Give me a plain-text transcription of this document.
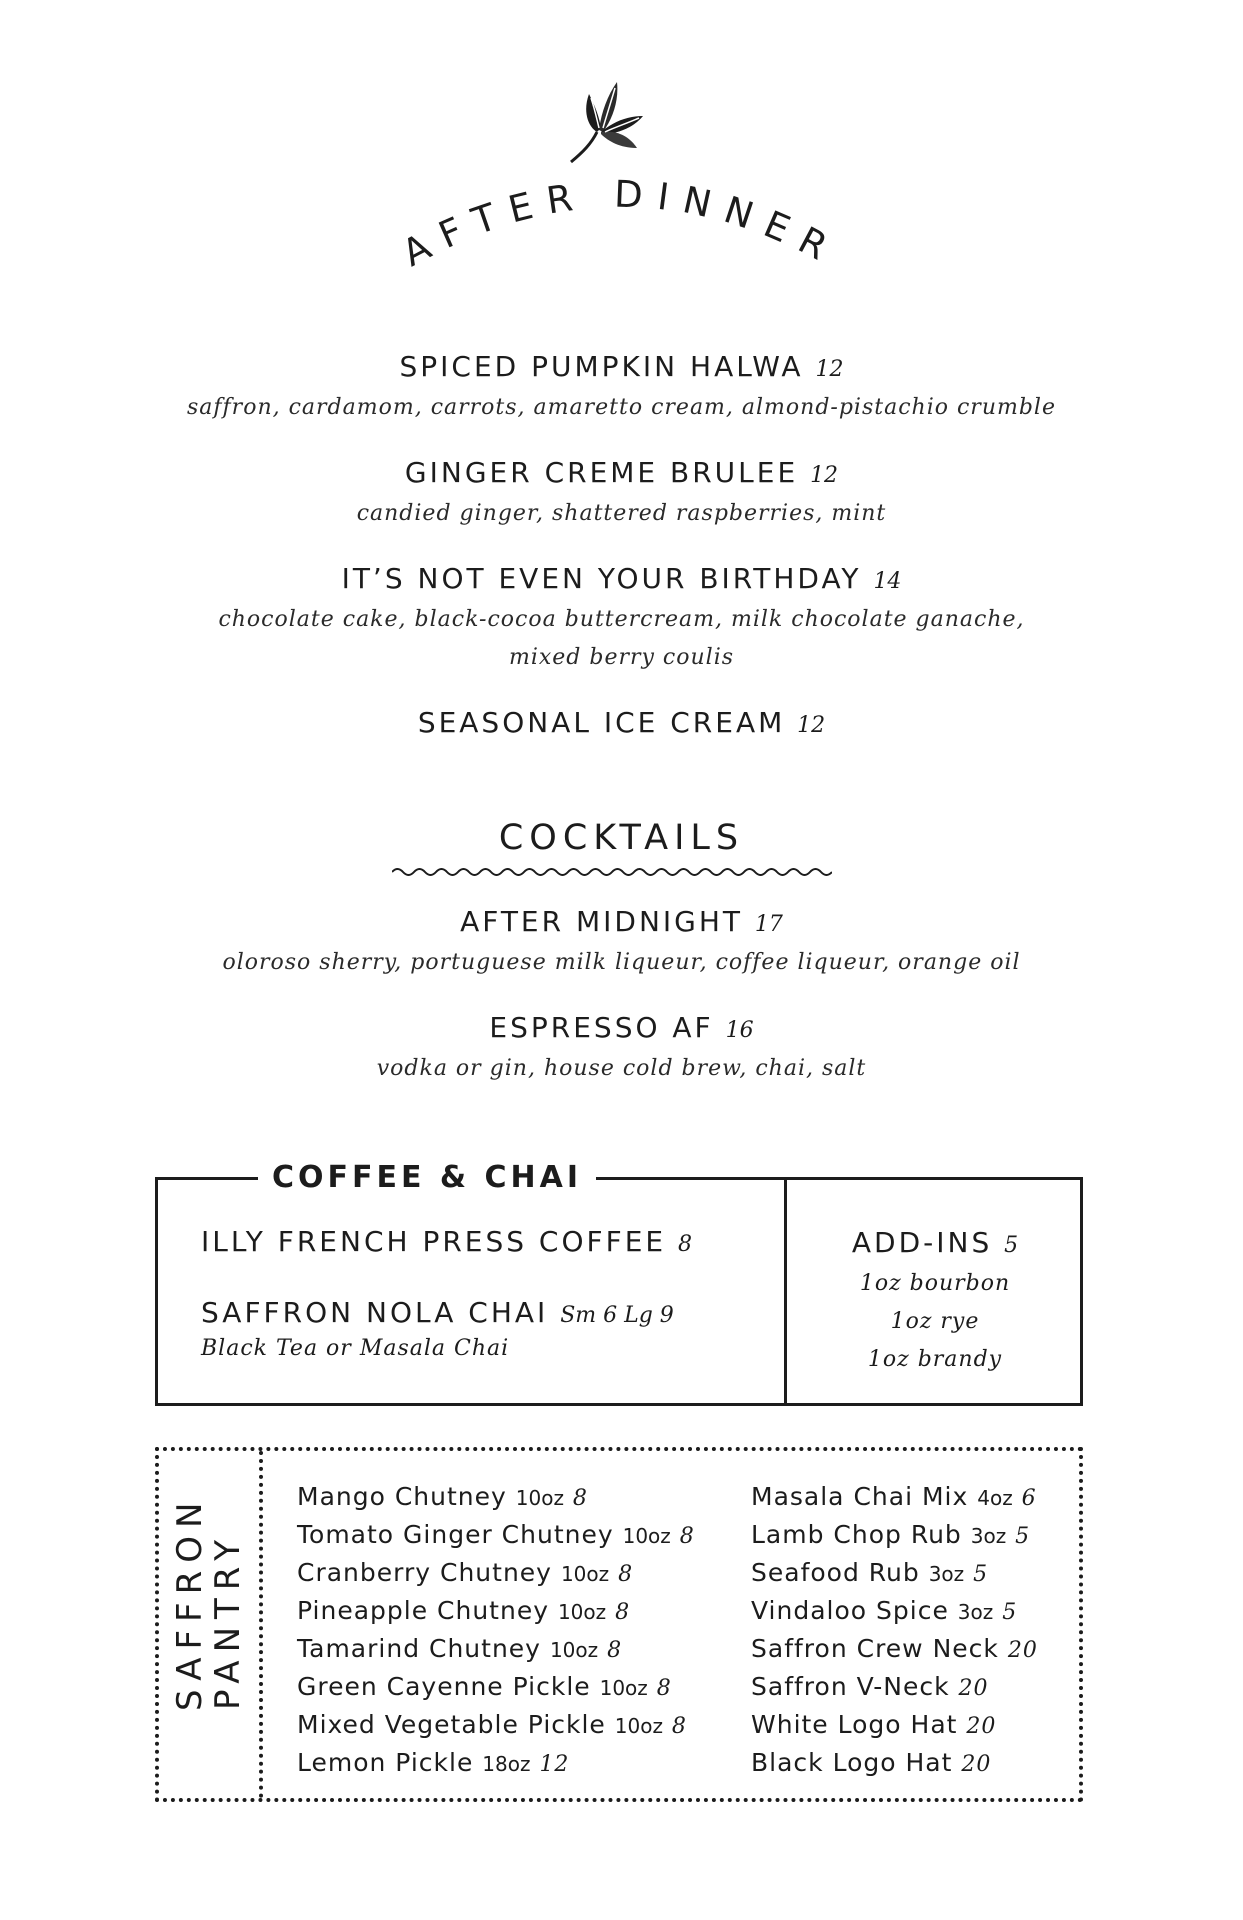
AFTER DINNER
SPICED PUMPKIN HALWA 12
saffron, cardamom, carrots, amaretto cream, almond-pistachio crumble
GINGER CREME BRULEE 12
candied ginger, shattered raspberries, mint
IT’S NOT EVEN YOUR BIRTHDAY 14
chocolate cake, black-cocoa buttercream, milk chocolate ganache,
mixed berry coulis
SEASONAL ICE CREAM 12
COCKTAILS
AFTER MIDNIGHT 17
oloroso sherry, portuguese milk liqueur, coffee liqueur, orange oil
ESPRESSO AF 16
vodka or gin, house cold brew, chai, salt
COFFEE & CHAI
ILLY FRENCH PRESS COFFEE 8
SAFFRON NOLA CHAI Sm 6 Lg 9
Black Tea or Masala Chai
ADD-INS 5
1oz bourbon
1oz rye
1oz brandy
SAFFRON
PANTRY
Mango Chutney 10oz 8
Tomato Ginger Chutney 10oz 8
Cranberry Chutney 10oz 8
Pineapple Chutney 10oz 8
Tamarind Chutney 10oz 8
Green Cayenne Pickle 10oz 8
Mixed Vegetable Pickle 10oz 8
Lemon Pickle 18oz 12
Masala Chai Mix 4oz 6
Lamb Chop Rub 3oz 5
Seafood Rub 3oz 5
Vindaloo Spice 3oz 5
Saffron Crew Neck 20
Saffron V-Neck 20
White Logo Hat 20
Black Logo Hat 20
